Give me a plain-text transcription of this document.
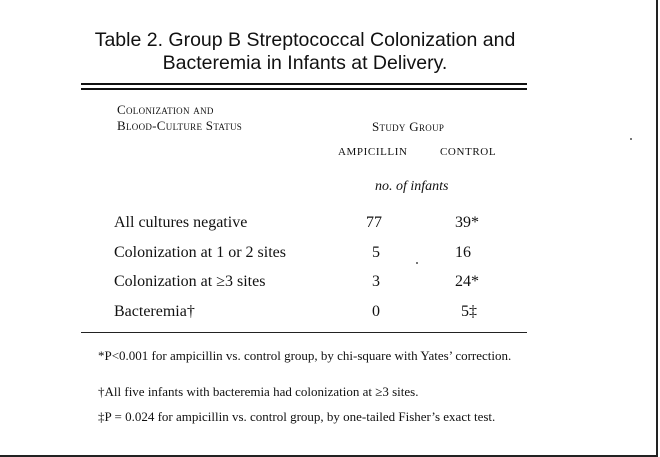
Table 2. Group B Streptococcal Colonization and
Bacteremia in Infants at Delivery.
Colonization and
Blood-Culture Status	Study Group
AMPICILLIN	CONTROL
no. of infants
All cultures negative	77	39*
Colonization at 1 or 2 sites	5	16
Colonization at ≥3 sites	3	24*
Bacteremia†	0	5‡
*P<0.001 for ampicillin vs. control group, by chi-square with Yates’ correction.
†All five infants with bacteremia had colonization at ≥3 sites.
‡P = 0.024 for ampicillin vs. control group, by one-tailed Fisher’s exact test.
